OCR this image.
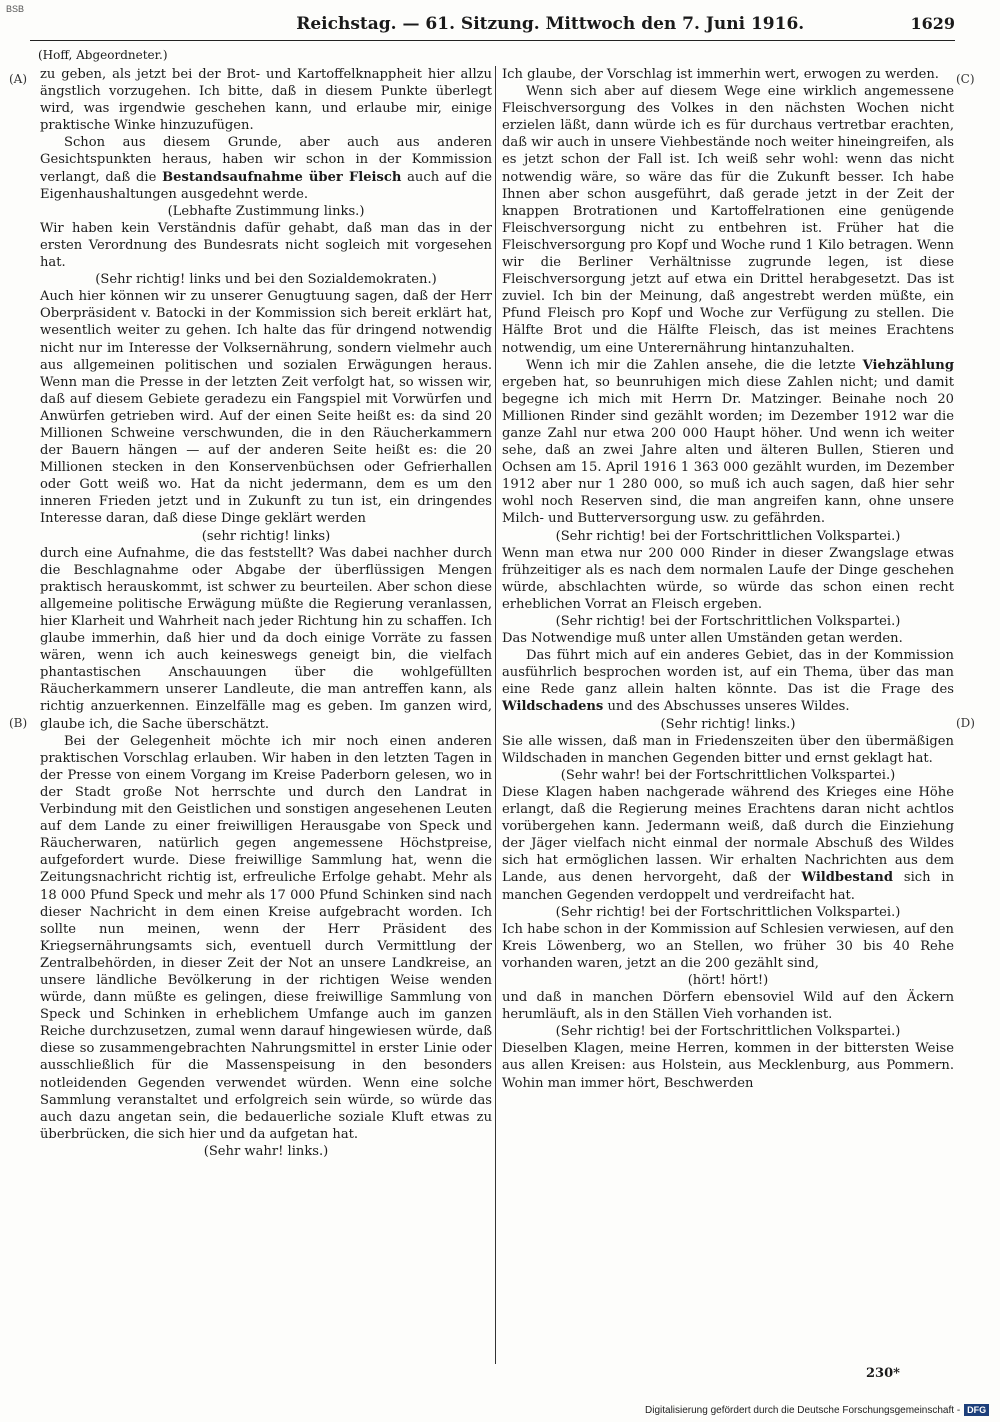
BSB
Reichstag. — 61. Sitzung. Mittwoch den 7. Juni 1916.	1629
(Hoff, Abgeordneter.)
(A)
(B)
(C)
(D)

zu geben, als jetzt bei der Brot- und Kartoffelknappheit hier allzu ängstlich vorzugehen. Ich bitte, daß in diesem Punkte überlegt wird, was irgendwie geschehen kann, und erlaube mir, einige praktische Winke hinzuzufügen.

Schon aus diesem Grunde, aber auch aus anderen Gesichtspunkten heraus, haben wir schon in der Kommission verlangt, daß die Bestandsaufnahme über Fleisch auch auf die Eigenhaushaltungen ausgedehnt werde.

(Lebhafte Zustimmung links.)

Wir haben kein Verständnis dafür gehabt, daß man das in der ersten Verordnung des Bundesrats nicht sogleich mit vorgesehen hat.

(Sehr richtig! links und bei den Sozialdemokraten.)

Auch hier können wir zu unserer Genugtuung sagen, daß der Herr Oberpräsident v. Batocki in der Kommission sich bereit erklärt hat, wesentlich weiter zu gehen. Ich halte das für dringend notwendig nicht nur im Interesse der Volksernährung, sondern vielmehr auch aus allgemeinen politischen und sozialen Erwägungen heraus. Wenn man die Presse in der letzten Zeit verfolgt hat, so wissen wir, daß auf diesem Gebiete geradezu ein Fangspiel mit Vorwürfen und Anwürfen getrieben wird. Auf der einen Seite heißt es: da sind 20 Millionen Schweine verschwunden, die in den Räucherkammern der Bauern hängen — auf der anderen Seite heißt es: die 20 Millionen stecken in den Konservenbüchsen oder Gefrierhallen oder Gott weiß wo. Hat da nicht jedermann, dem es um den inneren Frieden jetzt und in Zukunft zu tun ist, ein dringendes Interesse daran, daß diese Dinge geklärt werden

(sehr richtig! links)

durch eine Aufnahme, die das feststellt? Was dabei nachher durch die Beschlagnahme oder Abgabe der überflüssigen Mengen praktisch herauskommt, ist schwer zu beurteilen. Aber schon diese allgemeine politische Erwägung müßte die Regierung veranlassen, hier Klarheit und Wahrheit nach jeder Richtung hin zu schaffen. Ich glaube immerhin, daß hier und da doch einige Vorräte zu fassen wären, wenn ich auch keineswegs geneigt bin, die vielfach phantastischen Anschauungen über die wohlgefüllten Räucherkammern unserer Landleute, die man antreffen kann, als richtig anzuerkennen. Einzelfälle mag es geben. Im ganzen wird, glaube ich, die Sache überschätzt.

Bei der Gelegenheit möchte ich mir noch einen anderen praktischen Vorschlag erlauben. Wir haben in den letzten Tagen in der Presse von einem Vorgang im Kreise Paderborn gelesen, wo in der Stadt große Not herrschte und durch den Landrat in Verbindung mit den Geistlichen und sonstigen angesehenen Leuten auf dem Lande zu einer freiwilligen Herausgabe von Speck und Räucherwaren, natürlich gegen angemessene Höchstpreise, aufgefordert wurde. Diese freiwillige Sammlung hat, wenn die Zeitungsnachricht richtig ist, erfreuliche Erfolge gehabt. Mehr als 18 000 Pfund Speck und mehr als 17 000 Pfund Schinken sind nach dieser Nachricht in dem einen Kreise aufgebracht worden. Ich sollte nun meinen, wenn der Herr Präsident des Kriegsernährungsamts sich, eventuell durch Vermittlung der Zentralbehörden, in dieser Zeit der Not an unsere Landkreise, an unsere ländliche Bevölkerung in der richtigen Weise wenden würde, dann müßte es gelingen, diese freiwillige Sammlung von Speck und Schinken in erheblichem Umfange auch im ganzen Reiche durchzusetzen, zumal wenn darauf hingewiesen würde, daß diese so zusammengebrachten Nahrungsmittel in erster Linie oder ausschließlich für die Massenspeisung in den besonders notleidenden Gegenden verwendet würden. Wenn eine solche Sammlung veranstaltet und erfolgreich sein würde, so würde das auch dazu angetan sein, die bedauerliche soziale Kluft etwas zu überbrücken, die sich hier und da aufgetan hat.

(Sehr wahr! links.)

Ich glaube, der Vorschlag ist immerhin wert, erwogen zu werden.

Wenn sich aber auf diesem Wege eine wirklich angemessene Fleischversorgung des Volkes in den nächsten Wochen nicht erzielen läßt, dann würde ich es für durchaus vertretbar erachten, daß wir auch in unsere Viehbestände noch weiter hineingreifen, als es jetzt schon der Fall ist. Ich weiß sehr wohl: wenn das nicht notwendig wäre, so wäre das für die Zukunft besser. Ich habe Ihnen aber schon ausgeführt, daß gerade jetzt in der Zeit der knappen Brotrationen und Kartoffelrationen eine genügende Fleischversorgung nicht zu entbehren ist. Früher hat die Fleischversorgung pro Kopf und Woche rund 1 Kilo betragen. Wenn wir die Berliner Verhältnisse zugrunde legen, ist diese Fleischversorgung jetzt auf etwa ein Drittel herabgesetzt. Das ist zuviel. Ich bin der Meinung, daß angestrebt werden müßte, ein Pfund Fleisch pro Kopf und Woche zur Verfügung zu stellen. Die Hälfte Brot und die Hälfte Fleisch, das ist meines Erachtens notwendig, um eine Unterernährung hintanzuhalten.

Wenn ich mir die Zahlen ansehe, die die letzte Viehzählung ergeben hat, so beunruhigen mich diese Zahlen nicht; und damit begegne ich mich mit Herrn Dr. Matzinger. Beinahe noch 20 Millionen Rinder sind gezählt worden; im Dezember 1912 war die ganze Zahl nur etwa 200 000 Haupt höher. Und wenn ich weiter sehe, daß an zwei Jahre alten und älteren Bullen, Stieren und Ochsen am 15. April 1916 1 363 000 gezählt wurden, im Dezember 1912 aber nur 1 280 000, so muß ich auch sagen, daß hier sehr wohl noch Reserven sind, die man angreifen kann, ohne unsere Milch- und Butterversorgung usw. zu gefährden.

(Sehr richtig! bei der Fortschrittlichen Volkspartei.)

Wenn man etwa nur 200 000 Rinder in dieser Zwangslage etwas frühzeitiger als es nach dem normalen Laufe der Dinge geschehen würde, abschlachten würde, so würde das schon einen recht erheblichen Vorrat an Fleisch ergeben.

(Sehr richtig! bei der Fortschrittlichen Volkspartei.)

Das Notwendige muß unter allen Umständen getan werden.

Das führt mich auf ein anderes Gebiet, das in der Kommission ausführlich besprochen worden ist, auf ein Thema, über das man eine Rede ganz allein halten könnte. Das ist die Frage des Wildschadens und des Abschusses unseres Wildes.

(Sehr richtig! links.)

Sie alle wissen, daß man in Friedenszeiten über den übermäßigen Wildschaden in manchen Gegenden bitter und ernst geklagt hat.

(Sehr wahr! bei der Fortschrittlichen Volkspartei.)

Diese Klagen haben nachgerade während des Krieges eine Höhe erlangt, daß die Regierung meines Erachtens daran nicht achtlos vorübergehen kann. Jedermann weiß, daß durch die Einziehung der Jäger vielfach nicht einmal der normale Abschuß des Wildes sich hat ermöglichen lassen. Wir erhalten Nachrichten aus dem Lande, aus denen hervorgeht, daß der Wildbestand sich in manchen Gegenden verdoppelt und verdreifacht hat.

(Sehr richtig! bei der Fortschrittlichen Volkspartei.)

Ich habe schon in der Kommission auf Schlesien verwiesen, auf den Kreis Löwenberg, wo an Stellen, wo früher 30 bis 40 Rehe vorhanden waren, jetzt an die 200 gezählt sind,

(hört! hört!)

und daß in manchen Dörfern ebensoviel Wild auf den Äckern herumläuft, als in den Ställen Vieh vorhanden ist.

(Sehr richtig! bei der Fortschrittlichen Volkspartei.)

Dieselben Klagen, meine Herren, kommen in der bittersten Weise aus allen Kreisen: aus Holstein, aus Mecklenburg, aus Pommern. Wohin man immer hört, Beschwerden

230*
Digitalisierung gefördert durch die Deutsche Forschungsgemeinschaft - DFG
